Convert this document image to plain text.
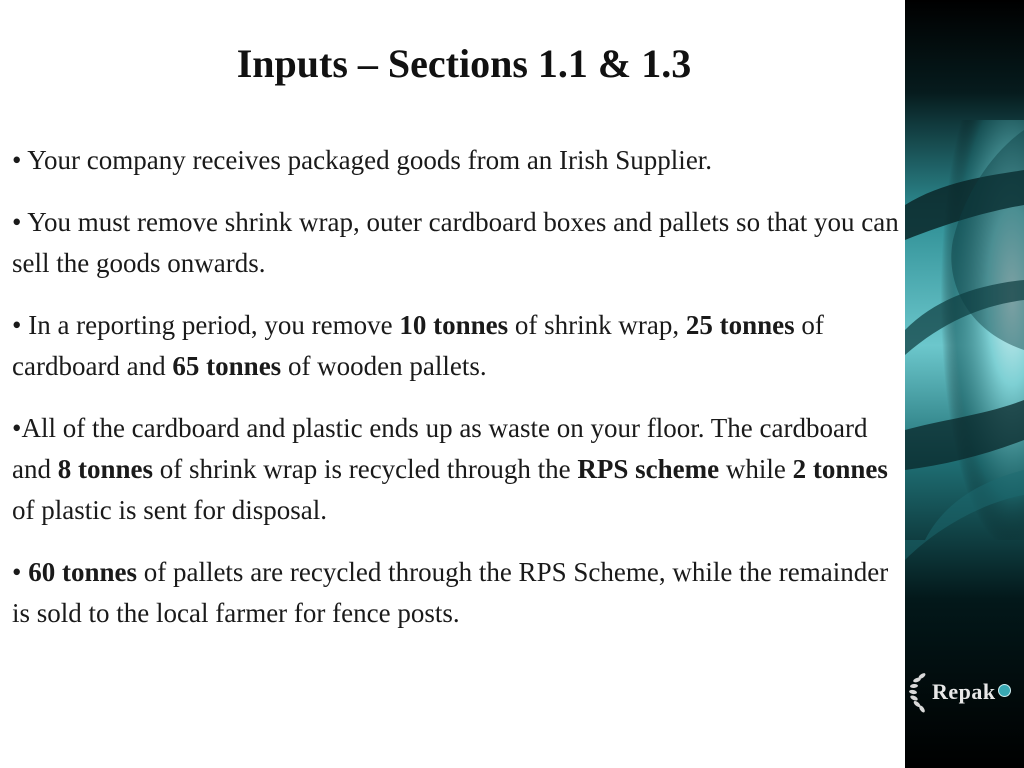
Inputs – Sections 1.1 & 1.3

• Your company receives packaged goods from an Irish Supplier.

• You must remove shrink wrap, outer cardboard boxes and pallets so that you can sell the goods onwards.

• In a reporting period, you remove 10 tonnes of shrink wrap, 25 tonnes of cardboard and 65 tonnes of wooden pallets.

•All of the cardboard and plastic ends up as waste on your floor. The cardboard and 8 tonnes of shrink wrap is recycled through the RPS scheme while 2 tonnes of plastic is sent for disposal.

• 60 tonnes of pallets are recycled through the RPS Scheme, while the remainder is sold to the local farmer for fence posts.

Repak
